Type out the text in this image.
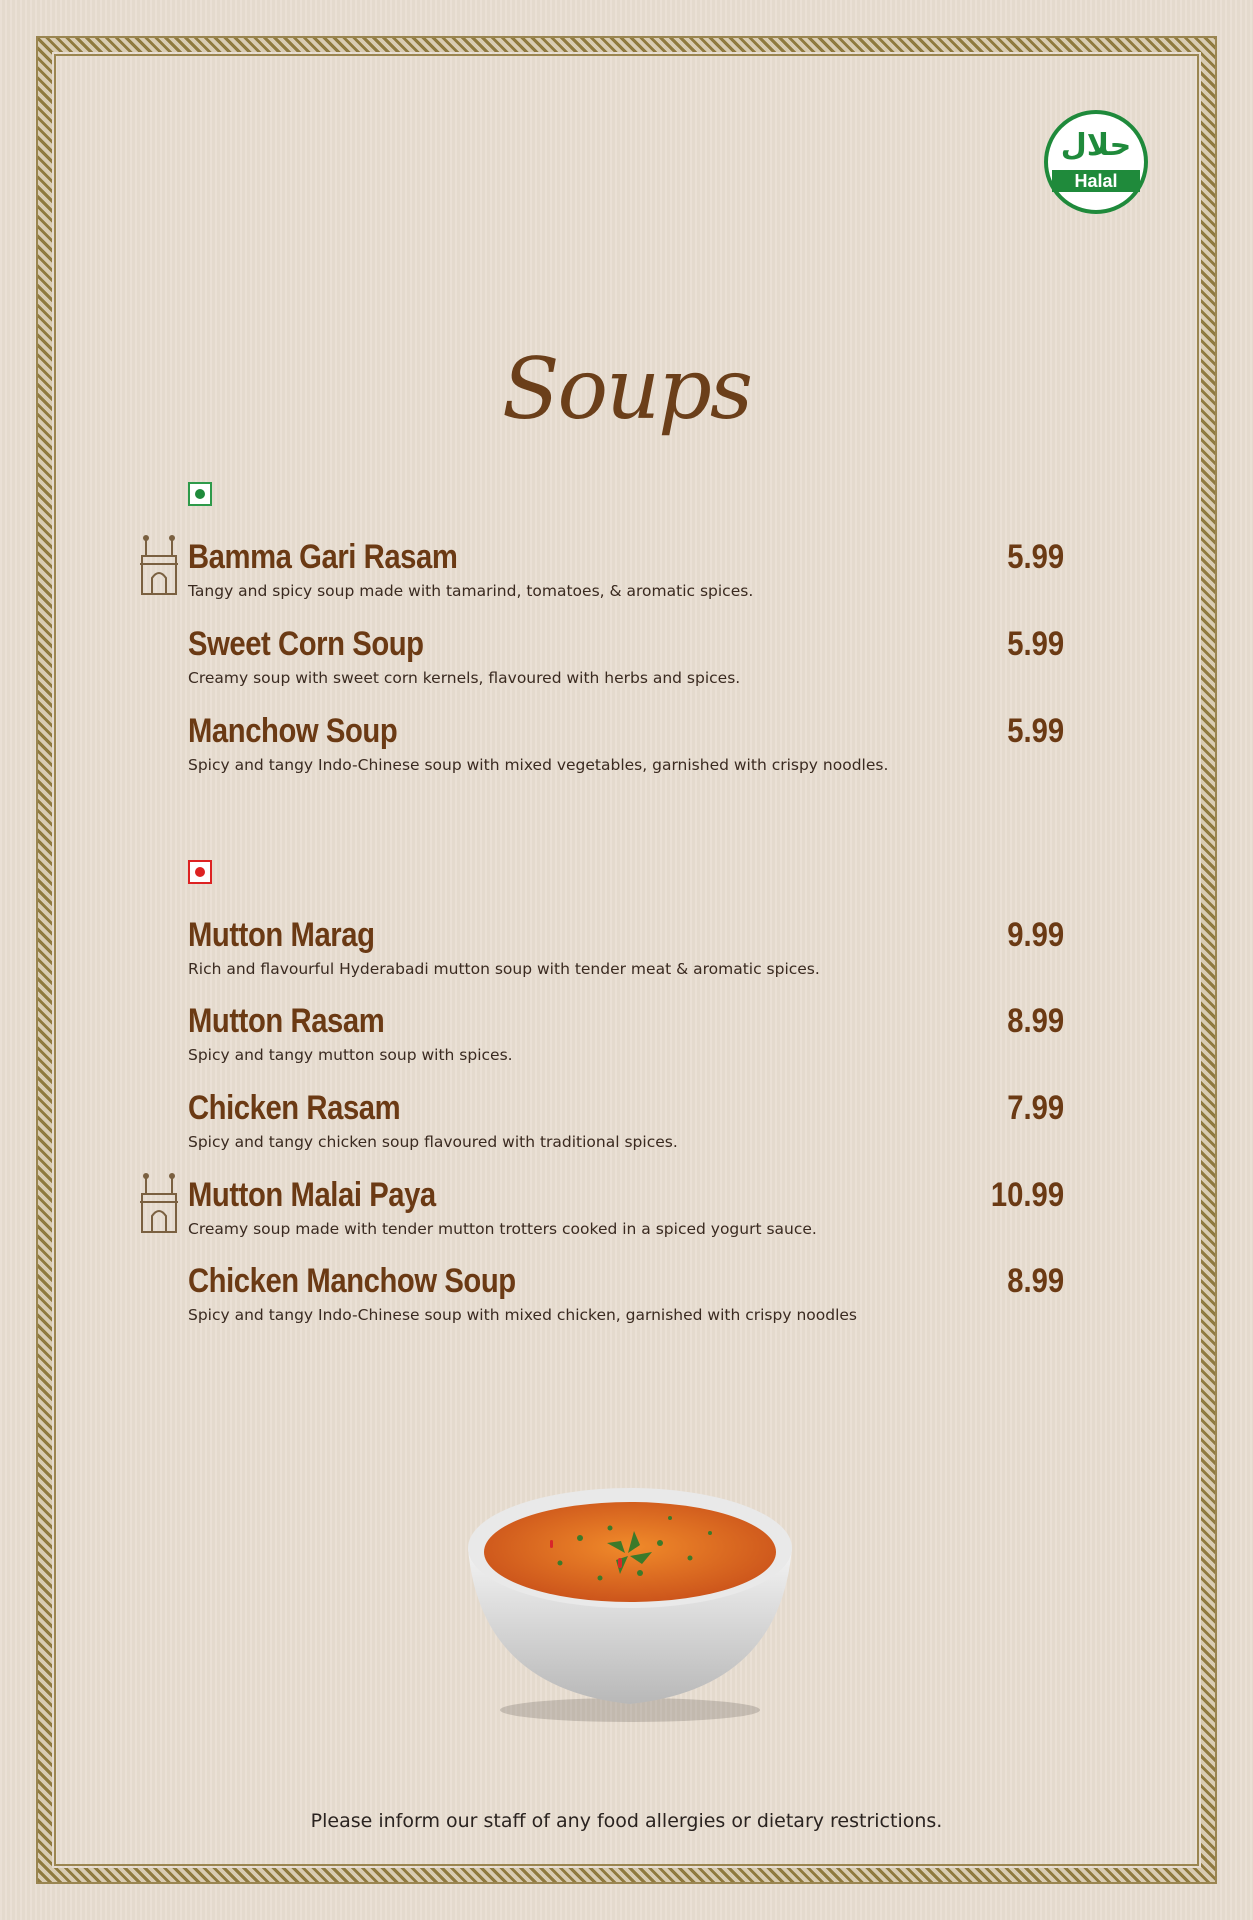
حلال
Halal
Soups
Bamma Gari Rasam	5.99
Tangy and spicy soup made with tamarind, tomatoes, & aromatic spices.
Sweet Corn Soup	5.99
Creamy soup with sweet corn kernels, flavoured with herbs and spices.
Manchow Soup	5.99
Spicy and tangy Indo-Chinese soup with mixed vegetables, garnished with crispy noodles.
Mutton Marag	9.99
Rich and flavourful Hyderabadi mutton soup with tender meat & aromatic spices.
Mutton Rasam	8.99
Spicy and tangy mutton soup with spices.
Chicken Rasam	7.99
Spicy and tangy chicken soup flavoured with traditional spices.
Mutton Malai Paya	10.99
Creamy soup made with tender mutton trotters cooked in a spiced yogurt sauce.
Chicken Manchow Soup	8.99
Spicy and tangy Indo-Chinese soup with mixed chicken, garnished with crispy noodles
Please inform our staff of any food allergies or dietary restrictions.
